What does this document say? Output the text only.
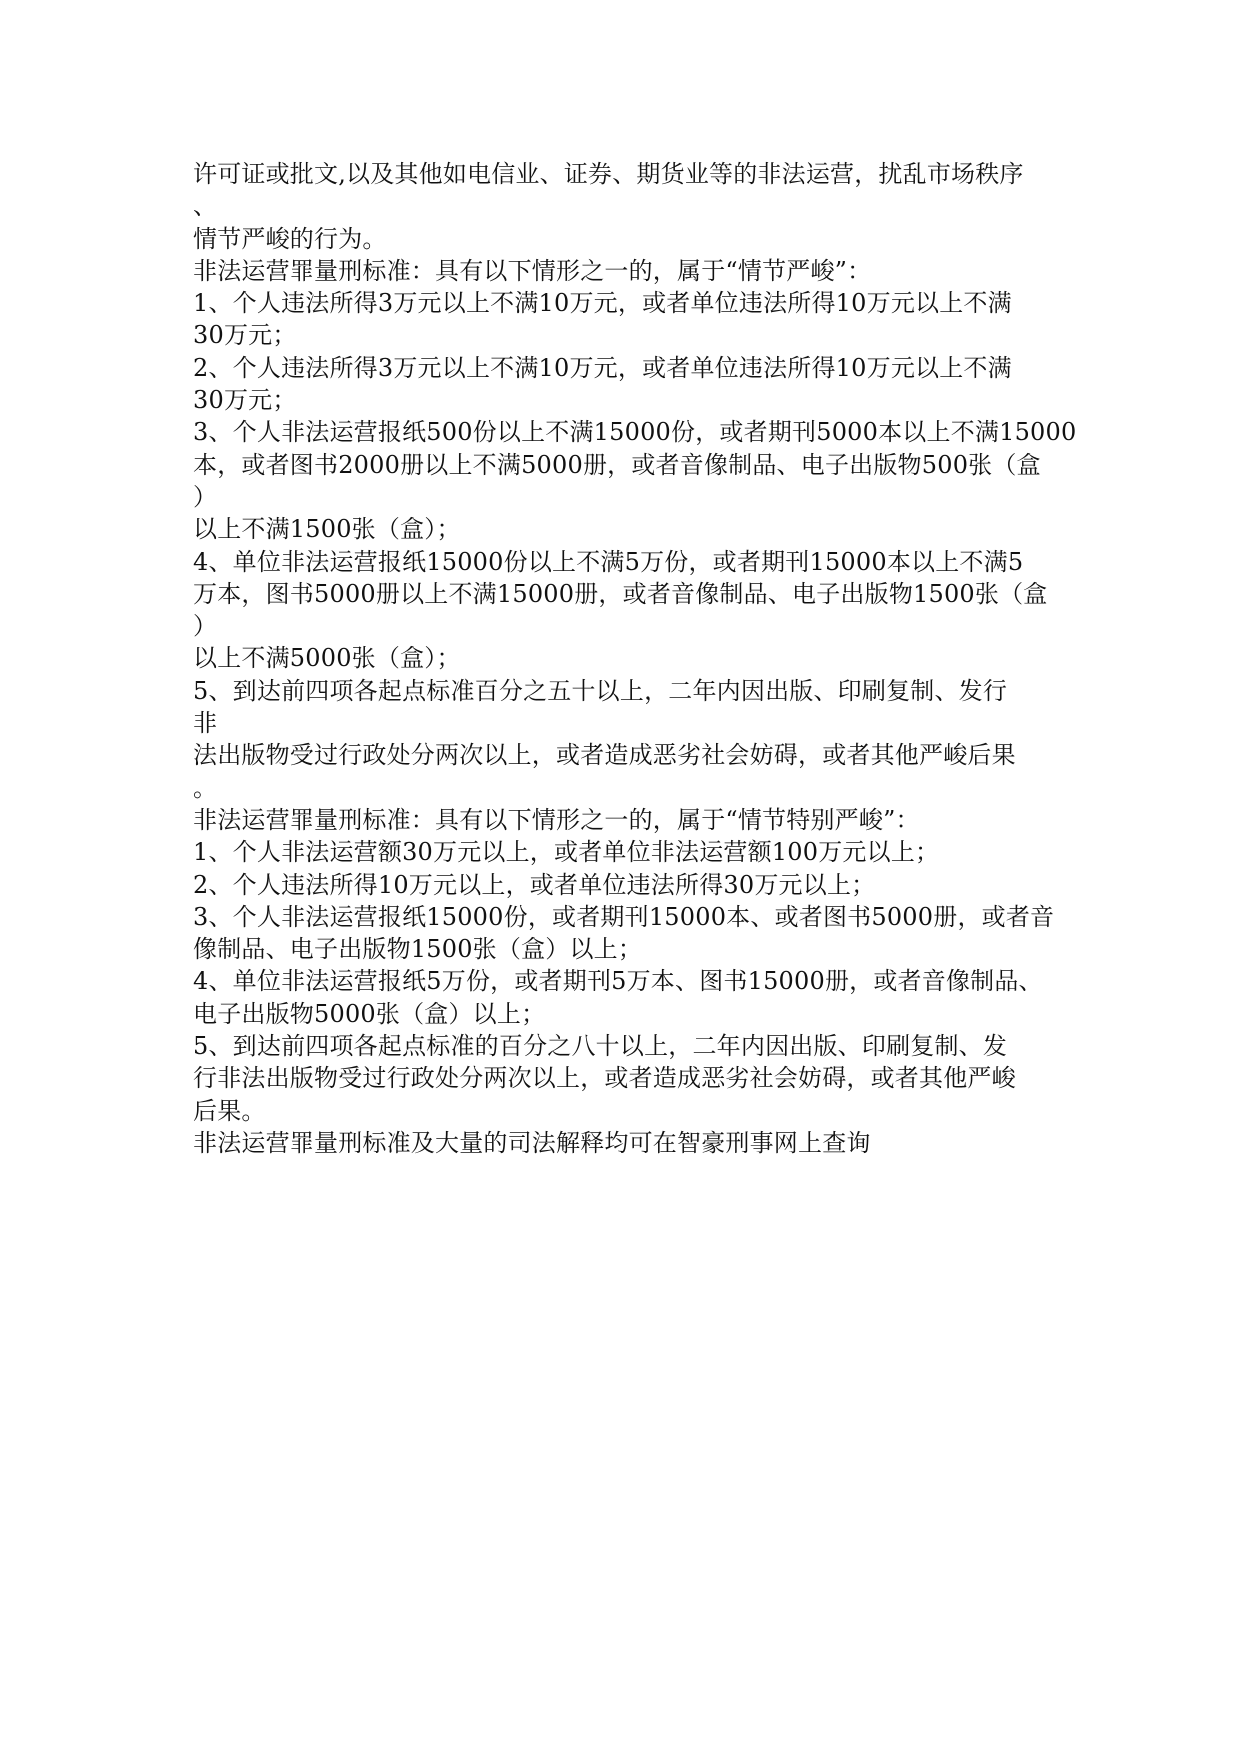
许可证或批文,以及其他如电信业、证券、期货业等的非法运营，扰乱市场秩序
、
情节严峻的行为。
非法运营罪量刑标准：具有以下情形之一的，属于“情节严峻”：
1、个人违法所得3万元以上不满10万元，或者单位违法所得10万元以上不满
30万元；
2、个人违法所得3万元以上不满10万元，或者单位违法所得10万元以上不满
30万元；
3、个人非法运营报纸500份以上不满15000份，或者期刊5000本以上不满15000
本，或者图书2000册以上不满5000册，或者音像制品、电子出版物500张（盒
）
以上不满1500张（盒）；
4、单位非法运营报纸15000份以上不满5万份，或者期刊15000本以上不满5
万本，图书5000册以上不满15000册，或者音像制品、电子出版物1500张（盒
）
以上不满5000张（盒）；
5、到达前四项各起点标准百分之五十以上，二年内因出版、印刷复制、发行
非
法出版物受过行政处分两次以上，或者造成恶劣社会妨碍，或者其他严峻后果
。
非法运营罪量刑标准：具有以下情形之一的，属于“情节特别严峻”：
1、个人非法运营额30万元以上，或者单位非法运营额100万元以上；
2、个人违法所得10万元以上，或者单位违法所得30万元以上；
3、个人非法运营报纸15000份，或者期刊15000本、或者图书5000册，或者音
像制品、电子出版物1500张（盒）以上；
4、单位非法运营报纸5万份，或者期刊5万本、图书15000册，或者音像制品、
电子出版物5000张（盒）以上；
5、到达前四项各起点标准的百分之八十以上，二年内因出版、印刷复制、发
行非法出版物受过行政处分两次以上，或者造成恶劣社会妨碍，或者其他严峻
后果。
非法运营罪量刑标准及大量的司法解释均可在智豪刑事网上查询
